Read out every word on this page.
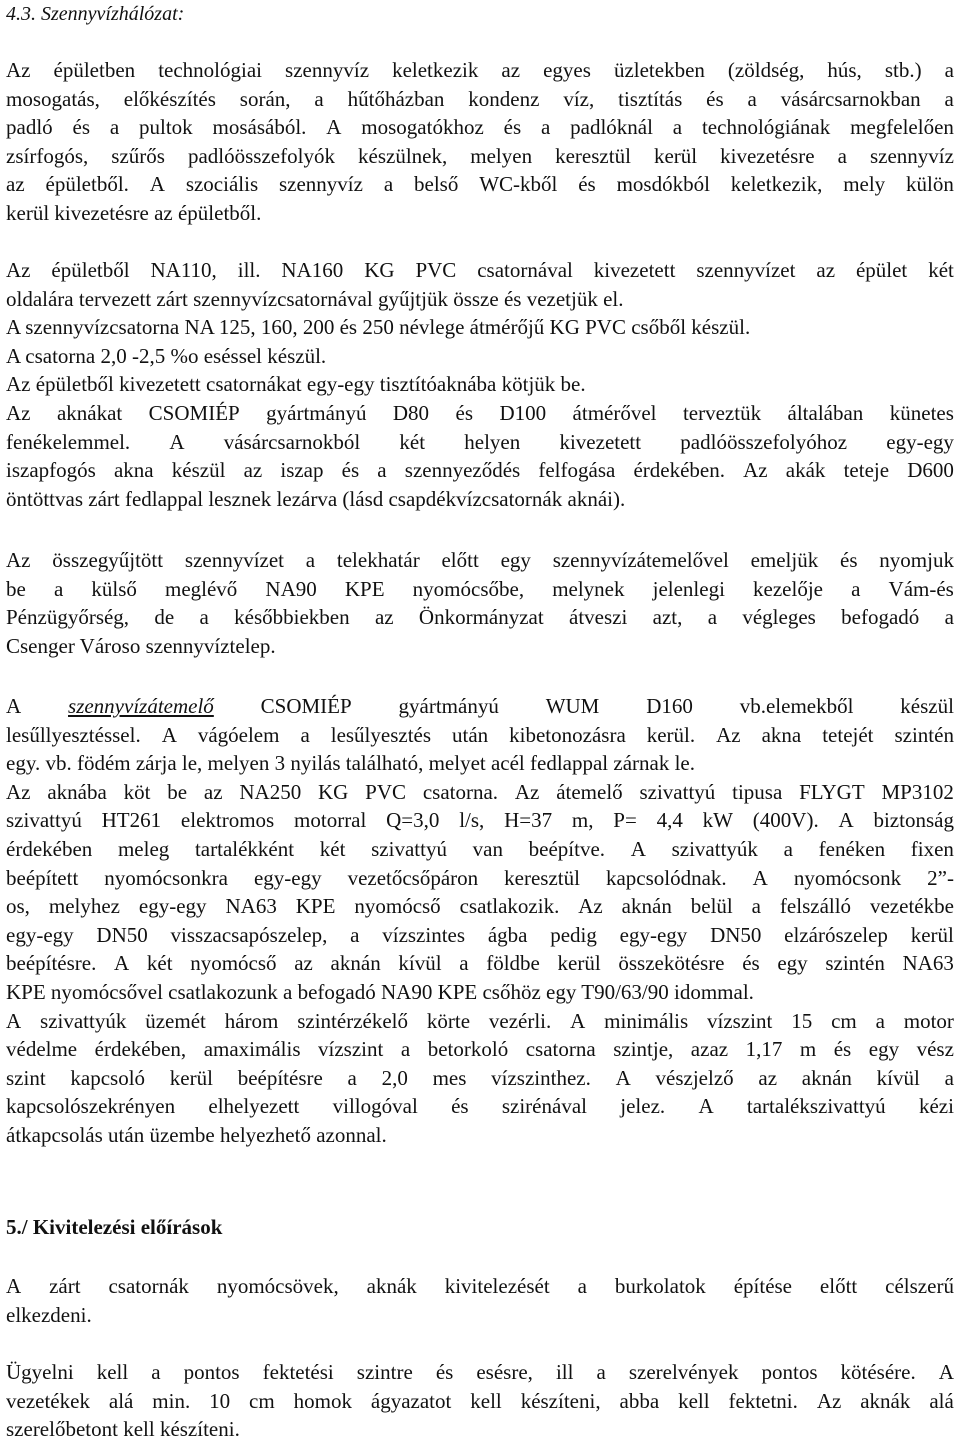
4.3. Szennyvízhálózat:
Az épületben technológiai szennyvíz keletkezik az egyes üzletekben (zöldség, hús, stb.) a
mosogatás, előkészítés során, a hűtőházban kondenz víz, tisztítás és a vásárcsarnokban a
padló és a pultok mosásából. A mosogatókhoz és a padlóknál a technológiának megfelelően
zsírfogós, szűrős padlóösszefolyók készülnek, melyen keresztül kerül kivezetésre a szennyvíz
az épületből. A szociális szennyvíz a belső WC-kből és mosdókból keletkezik, mely külön
kerül kivezetésre az épületből.
Az épületből NA110, ill. NA160 KG PVC csatornával kivezetett szennyvízet az épület két
oldalára tervezett zárt szennyvízcsatornával gyűjtjük össze és vezetjük el.
A szennyvízcsatorna NA 125, 160, 200 és 250 névlege átmérőjű KG PVC csőből készül.
A csatorna 2,0 -2,5 %o eséssel készül.
Az épületből kivezetett csatornákat egy-egy tisztítóaknába kötjük be.
Az aknákat CSOMIÉP gyártmányú D80 és D100 átmérővel terveztük általában künetes
fenékelemmel. A vásárcsarnokból két helyen kivezetett padlóösszefolyóhoz egy-egy
iszapfogós akna készül az iszap és a szennyeződés felfogása érdekében. Az akák teteje D600
öntöttvas zárt fedlappal lesznek lezárva (lásd csapdékvízcsatornák aknái).
Az összegyűjtött szennyvízet a telekhatár előtt egy szennyvízátemelővel emeljük és nyomjuk
be a külső meglévő NA90 KPE nyomócsőbe, melynek jelenlegi kezelője a Vám-és
Pénzügyőrség, de a későbbiekben az Önkormányzat átveszi azt, a végleges befogadó a
Csenger Városo szennyvíztelep.
A szennyvízátemelő CSOMIÉP gyártmányú WUM D160 vb.elemekből készül
lesűllyesztéssel. A vágóelem a lesűlyesztés után kibetonozásra kerül. Az akna tetejét szintén
egy. vb. födém zárja le, melyen 3 nyilás található, melyet acél fedlappal zárnak le.
Az aknába köt be az NA250 KG PVC csatorna. Az átemelő szivattyú tipusa FLYGT MP3102
szivattyú HT261 elektromos motorral Q=3,0 l/s, H=37 m, P= 4,4 kW (400V). A biztonság
érdekében meleg tartalékként két szivattyú van beépítve. A szivattyúk a fenéken fixen
beépített nyomócsonkra egy-egy vezetőcsőpáron keresztül kapcsolódnak. A nyomócsonk 2”-
os, melyhez egy-egy NA63 KPE nyomócső csatlakozik. Az aknán belül a felszálló vezetékbe
egy-egy DN50 visszacsapószelep, a vízszintes ágba pedig egy-egy DN50 elzárószelep kerül
beépítésre. A két nyomócső az aknán kívül a földbe kerül összekötésre és egy szintén NA63
KPE nyomócsővel csatlakozunk a befogadó NA90 KPE csőhöz egy T90/63/90 idommal.
A szivattyúk üzemét három szintérzékelő körte vezérli. A minimális vízszint 15 cm a motor
védelme érdekében, amaximális vízszint a betorkoló csatorna szintje, azaz 1,17 m és egy vész
szint kapcsoló kerül beépítésre a 2,0 mes vízszinthez. A vészjelző az aknán kívül a
kapcsolószekrényen elhelyezett villogóval és szirénával jelez. A tartalékszivattyú kézi
átkapcsolás után üzembe helyezhető azonnal.
5./ Kivitelezési előírások
A zárt csatornák nyomócsövek, aknák kivitelezését a burkolatok építése előtt célszerű
elkezdeni.
Ügyelni kell a pontos fektetési szintre és esésre, ill a szerelvények pontos kötésére. A
vezetékek alá min. 10 cm homok ágyazatot kell készíteni, abba kell fektetni. Az aknák alá
szerelőbetont kell készíteni.
